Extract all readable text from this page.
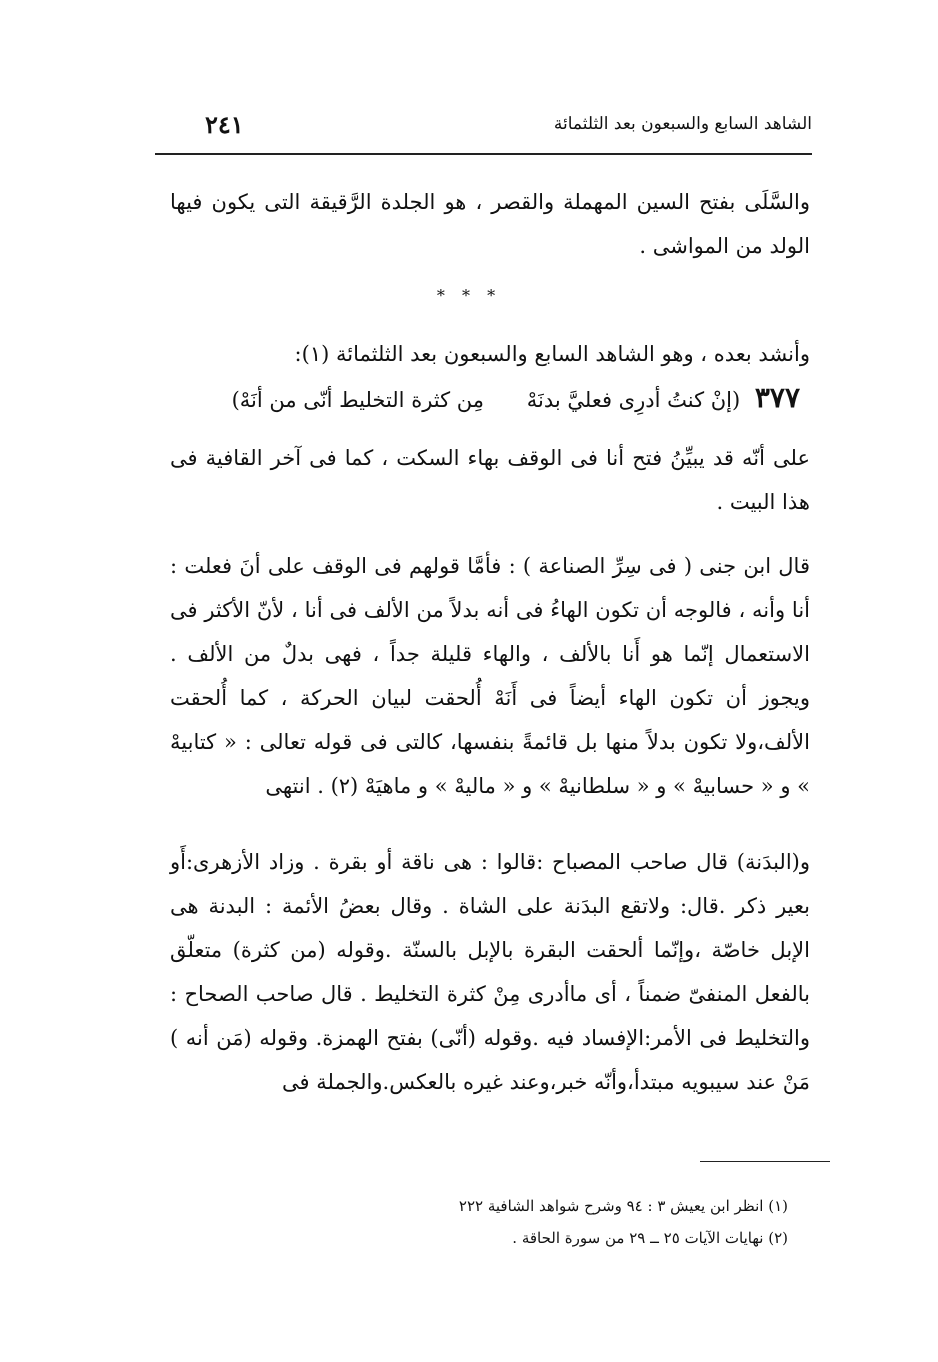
الشاهد السابع والسبعون بعد الثلثمائة
٢٤١
والسَّلَى بفتح السين المهملة والقصر ، هو الجلدة الرَّقيقة التى يكون فيها الولد من المواشى .
* * *
وأنشد بعده ، وهو الشاهد السابع والسبعون بعد الثلثمائة (١):
٣٧٧ (إنْ كنتُ أدرِى فعليَّ بدنَهْ مِن كثرة التخليط أنّى من أنَهْ)
على أنّه قد يبيِّنُ فتح أنا فى الوقف بهاء السكت ، كما فى آخر القافية فى هذا البيت .
قال ابن جنى ( فى سِرِّ الصناعة ) : فأمَّا قولهم فى الوقف على أنَ فعلت : أنا وأنه ، فالوجه أن تكون الهاءُ فى أنه بدلاً من الألف فى أنا ، لأنّ الأكثر فى الاستعمال إنّما هو أَنا بالألف ، والهاء قليلة جداً ، فهى بدلٌ من الألف . ويجوز أن تكون الهاء أيضاً فى أَنَهْ أُلحقت لبيان الحركة ، كما أُلحقت الألف،ولا تكون بدلاً منها بل قائمةً بنفسها، كالتى فى قوله تعالى : « كتابيهْ » و « حسابيهْ » و « سلطانيهْ » و « ماليهْ » و ماهيَهْ (٢) . انتهى
و(البدَنة) قال صاحب المصباح :قالوا : هى ناقة أو بقرة . وزاد الأزهرى:أَو بعير ذكر .قال: ولاتقع البدَنة على الشاة . وقال بعضُ الأئمة : البدنة هى الإبل خاصّة ،وإنّما ألحقت البقرة بالإبل بالسنّة .وقوله (من كثرة) متعلّق بالفعل المنفىّ ضمناً ، أى ماأدرى مِنْ كثرة التخليط . قال صاحب الصحاح : والتخليط فى الأمر:الإفساد فيه .وقوله (أنّى) بفتح الهمزة. وقوله (مَن أنه ) مَنْ عند سيبويه مبتدأ،وأنّه خبر،وعند غيره بالعكس.والجملة فى
(١) انظر ابن يعيش ٣ : ٩٤ وشرح شواهد الشافية ٢٢٢
(٢) نهايات الآيات ٢٥ ــ ٢٩ من سورة الحاقة .
